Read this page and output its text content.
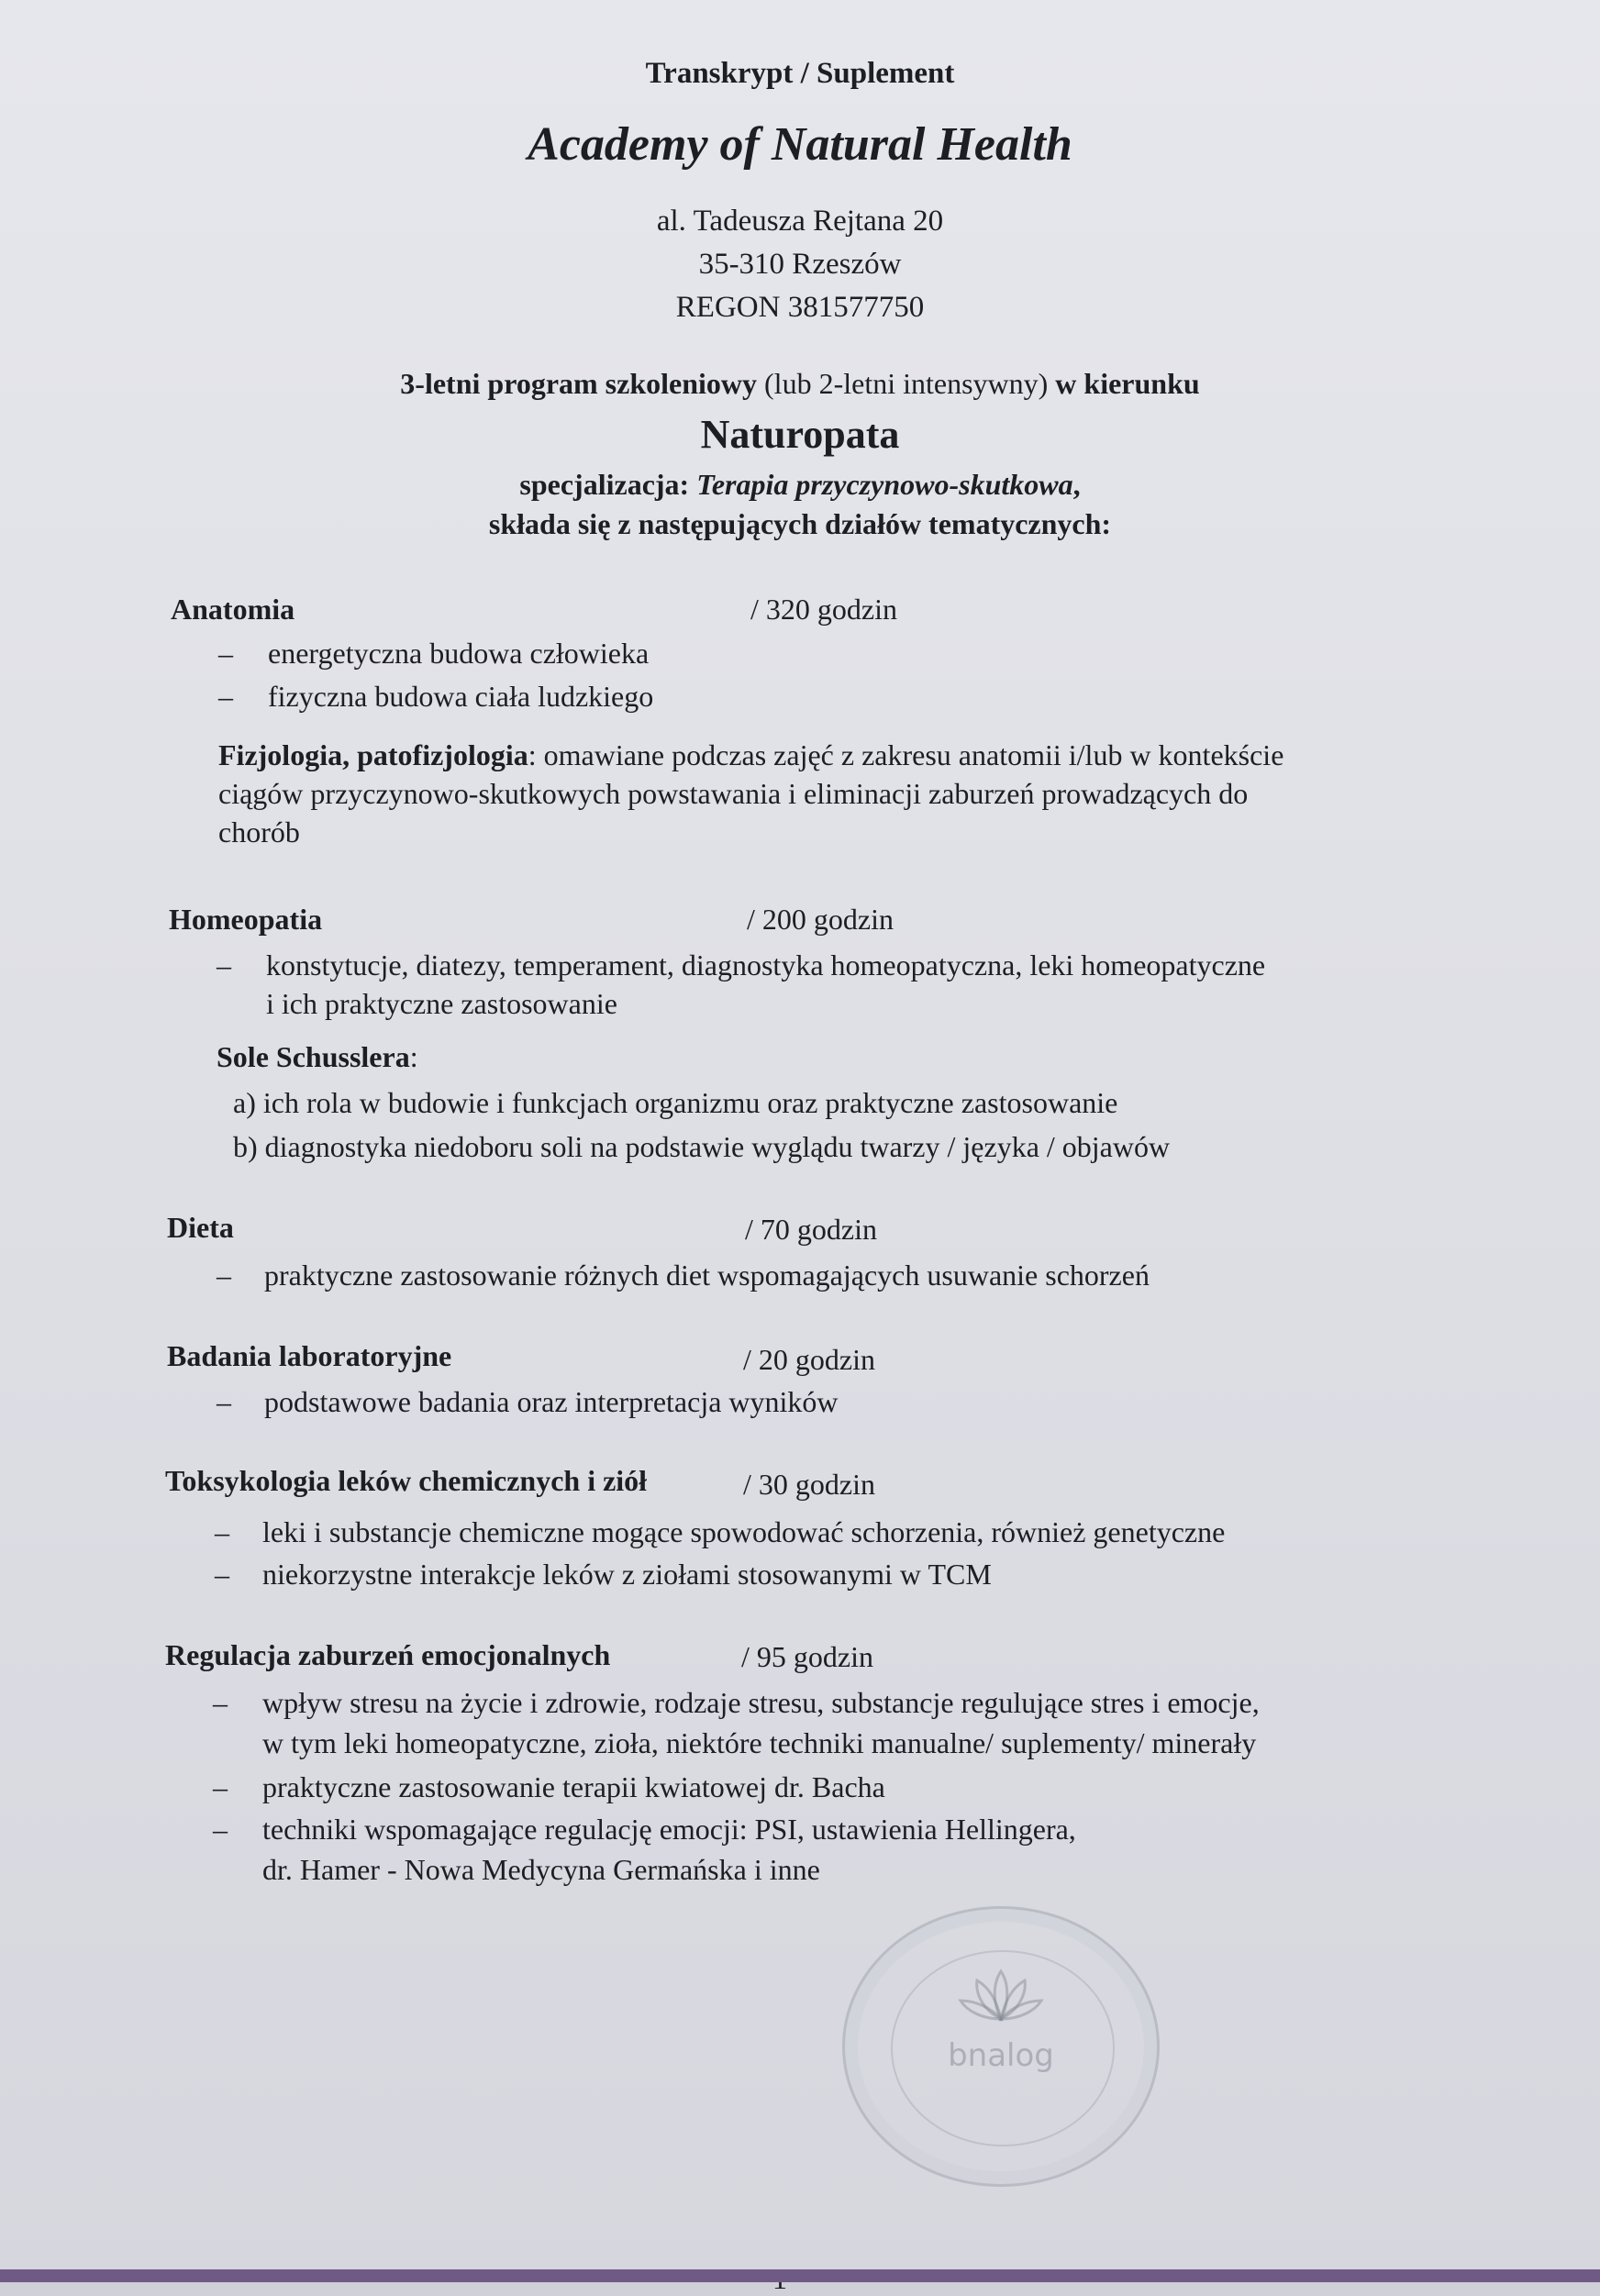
Transkrypt / Suplement
Academy of Natural Health
al. Tadeusza Rejtana 20
35-310 Rzeszów
REGON 381577750
3-letni program szkoleniowy (lub 2-letni intensywny) w kierunku
Naturopata
specjalizacja: Terapia przyczynowo-skutkowa,
składa się z następujących działów tematycznych:
Anatomia	/ 320 godzin
– energetyczna budowa człowieka
– fizyczna budowa ciała ludzkiego
Fizjologia, patofizjologia: omawiane podczas zajęć z zakresu anatomii i/lub w kontekście
ciągów przyczynowo-skutkowych powstawania i eliminacji zaburzeń prowadzących do
chorób
Homeopatia	/ 200 godzin
– konstytucje, diatezy, temperament, diagnostyka homeopatyczna, leki homeopatyczne
i ich praktyczne zastosowanie
Sole Schusslera:
a) ich rola w budowie i funkcjach organizmu oraz praktyczne zastosowanie
b) diagnostyka niedoboru soli na podstawie wyglądu twarzy / języka / objawów
Dieta	/ 70 godzin
– praktyczne zastosowanie różnych diet wspomagających usuwanie schorzeń
Badania laboratoryjne	/ 20 godzin
– podstawowe badania oraz interpretacja wyników
Toksykologia leków chemicznych i ziół	/ 30 godzin
– leki i substancje chemiczne mogące spowodować schorzenia, również genetyczne
– niekorzystne interakcje leków z ziołami stosowanymi w TCM
Regulacja zaburzeń emocjonalnych	/ 95 godzin
– wpływ stresu na życie i zdrowie, rodzaje stresu, substancje regulujące stres i emocje,
w tym leki homeopatyczne, zioła, niektóre techniki manualne/ suplementy/ minerały
– praktyczne zastosowanie terapii kwiatowej dr. Bacha
– techniki wspomagające regulację emocji: PSI, ustawienia Hellingera,
dr. Hamer - Nowa Medycyna Germańska i inne
bnalog
